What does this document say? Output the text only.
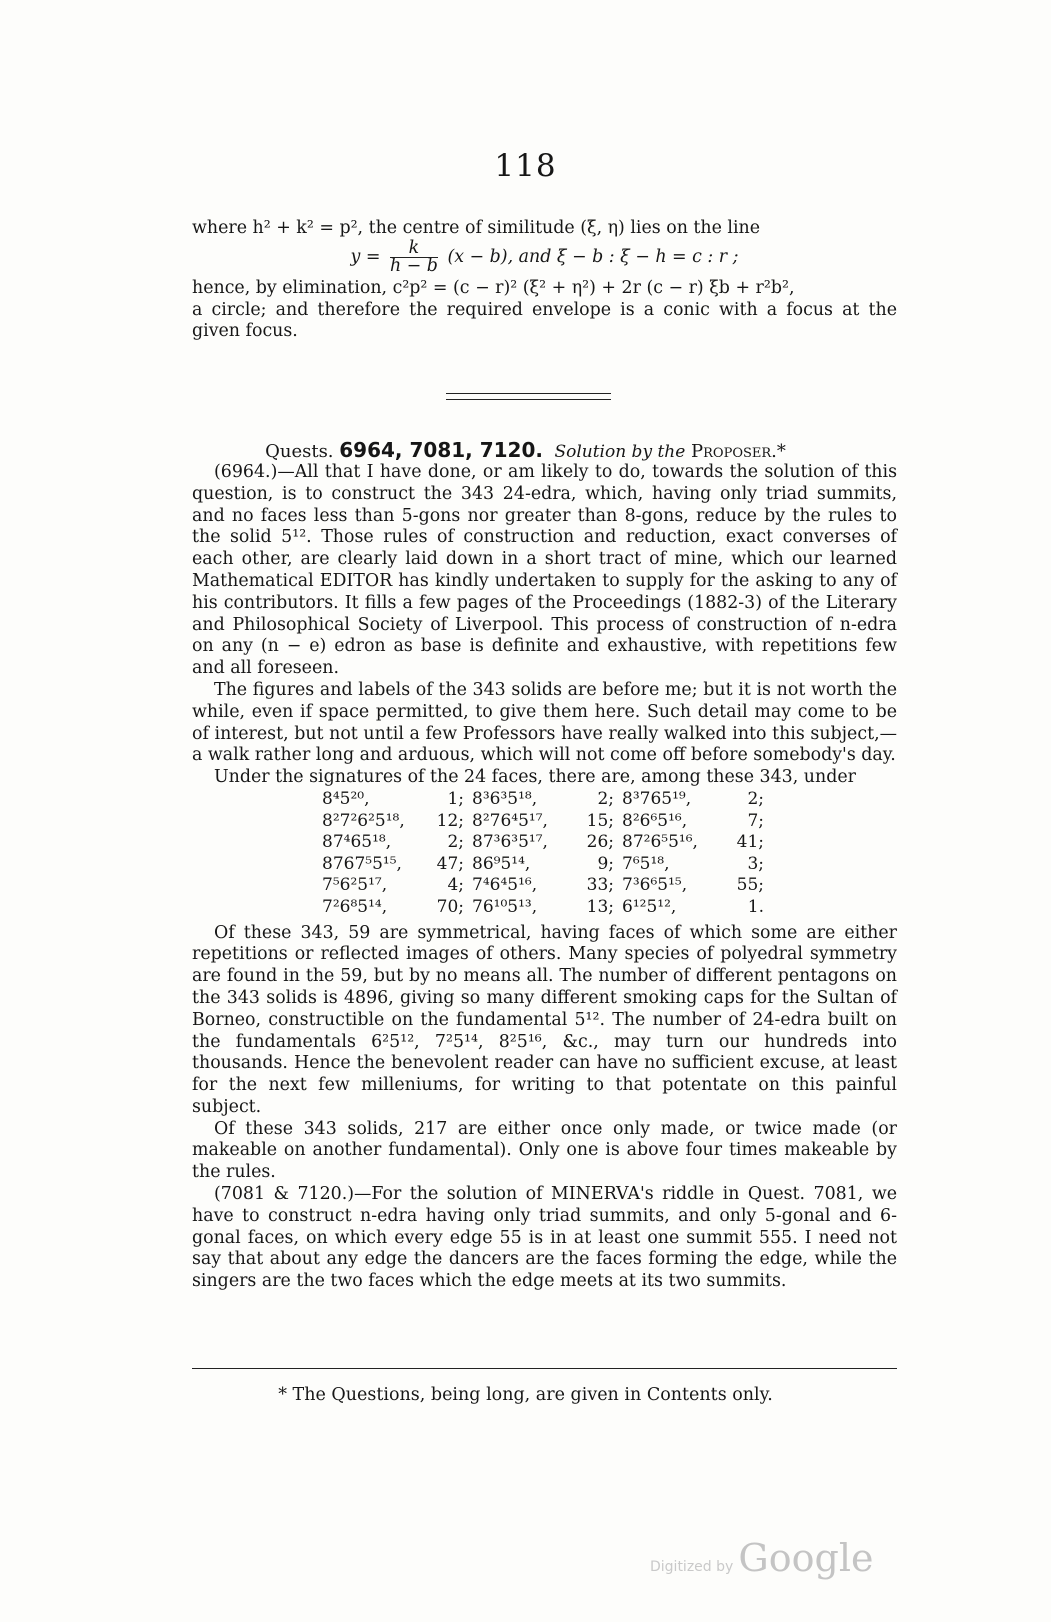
118

where h² + k² = p², the centre of similitude (ξ, η) lies on the line

$y = \frac{k}{h - b} (x - b)$, and ξ − b : ξ − h = c : r ;

hence, by elimination, c²p² = (c − r)² (ξ² + η²) + 2r (c − r) ξb + r²b²,

a circle; and therefore the required envelope is a conic with a focus at the given focus.

Quests. 6964, 7081, 7120. Solution by the Proposer.*

(6964.)—All that I have done, or am likely to do, towards the solution of this question, is to construct the 343 24-edra, which, having only triad summits, and no faces less than 5-gons nor greater than 8-gons, reduce by the rules to the solid 5¹². Those rules of construction and reduction, exact converses of each other, are clearly laid down in a short tract of mine, which our learned Mathematical EDITOR has kindly undertaken to supply for the asking to any of his contributors. It fills a few pages of the Proceedings (1882-3) of the Literary and Philosophical Society of Liverpool. This process of construction of n-edra on any (n − e) edron as base is definite and exhaustive, with repetitions few and all foreseen.

The figures and labels of the 343 solids are before me; but it is not worth the while, even if space permitted, to give them here. Such detail may come to be of interest, but not until a few Professors have really walked into this subject,—a walk rather long and arduous, which will not come off before somebody's day.

Under the signatures of the 24 faces, there are, among these 343, under

8⁴5²⁰,	1;	8³6³5¹⁸,	2;	8³765¹⁹,	2;
8²7²6²5¹⁸,	12;	8²76⁴5¹⁷,	15;	8²6⁶5¹⁶,	7;
87⁴65¹⁸,	2;	87³6³5¹⁷,	26;	87²6⁵5¹⁶,	41;
8767⁵5¹⁵,	47;	86⁹5¹⁴,	9;	7⁶5¹⁸,	3;
7⁵6²5¹⁷,	4;	7⁴6⁴5¹⁶,	33;	7³6⁶5¹⁵,	55;
7²6⁸5¹⁴,	70;	76¹⁰5¹³,	13;	6¹²5¹²,	1.

Of these 343, 59 are symmetrical, having faces of which some are either repetitions or reflected images of others. Many species of polyedral symmetry are found in the 59, but by no means all. The number of different pentagons on the 343 solids is 4896, giving so many different smoking caps for the Sultan of Borneo, constructible on the fundamental 5¹². The number of 24-edra built on the fundamentals 6²5¹², 7²5¹⁴, 8²5¹⁶, &c., may turn our hundreds into thousands. Hence the benevolent reader can have no sufficient excuse, at least for the next few milleniums, for writing to that potentate on this painful subject.

Of these 343 solids, 217 are either once only made, or twice made (or makeable on another fundamental). Only one is above four times makeable by the rules.

(7081 & 7120.)—For the solution of MINERVA's riddle in Quest. 7081, we have to construct n-edra having only triad summits, and only 5-gonal and 6-gonal faces, on which every edge 55 is in at least one summit 555. I need not say that about any edge the dancers are the faces forming the edge, while the singers are the two faces which the edge meets at its two summits.

* The Questions, being long, are given in Contents only.
Digitized by Google
